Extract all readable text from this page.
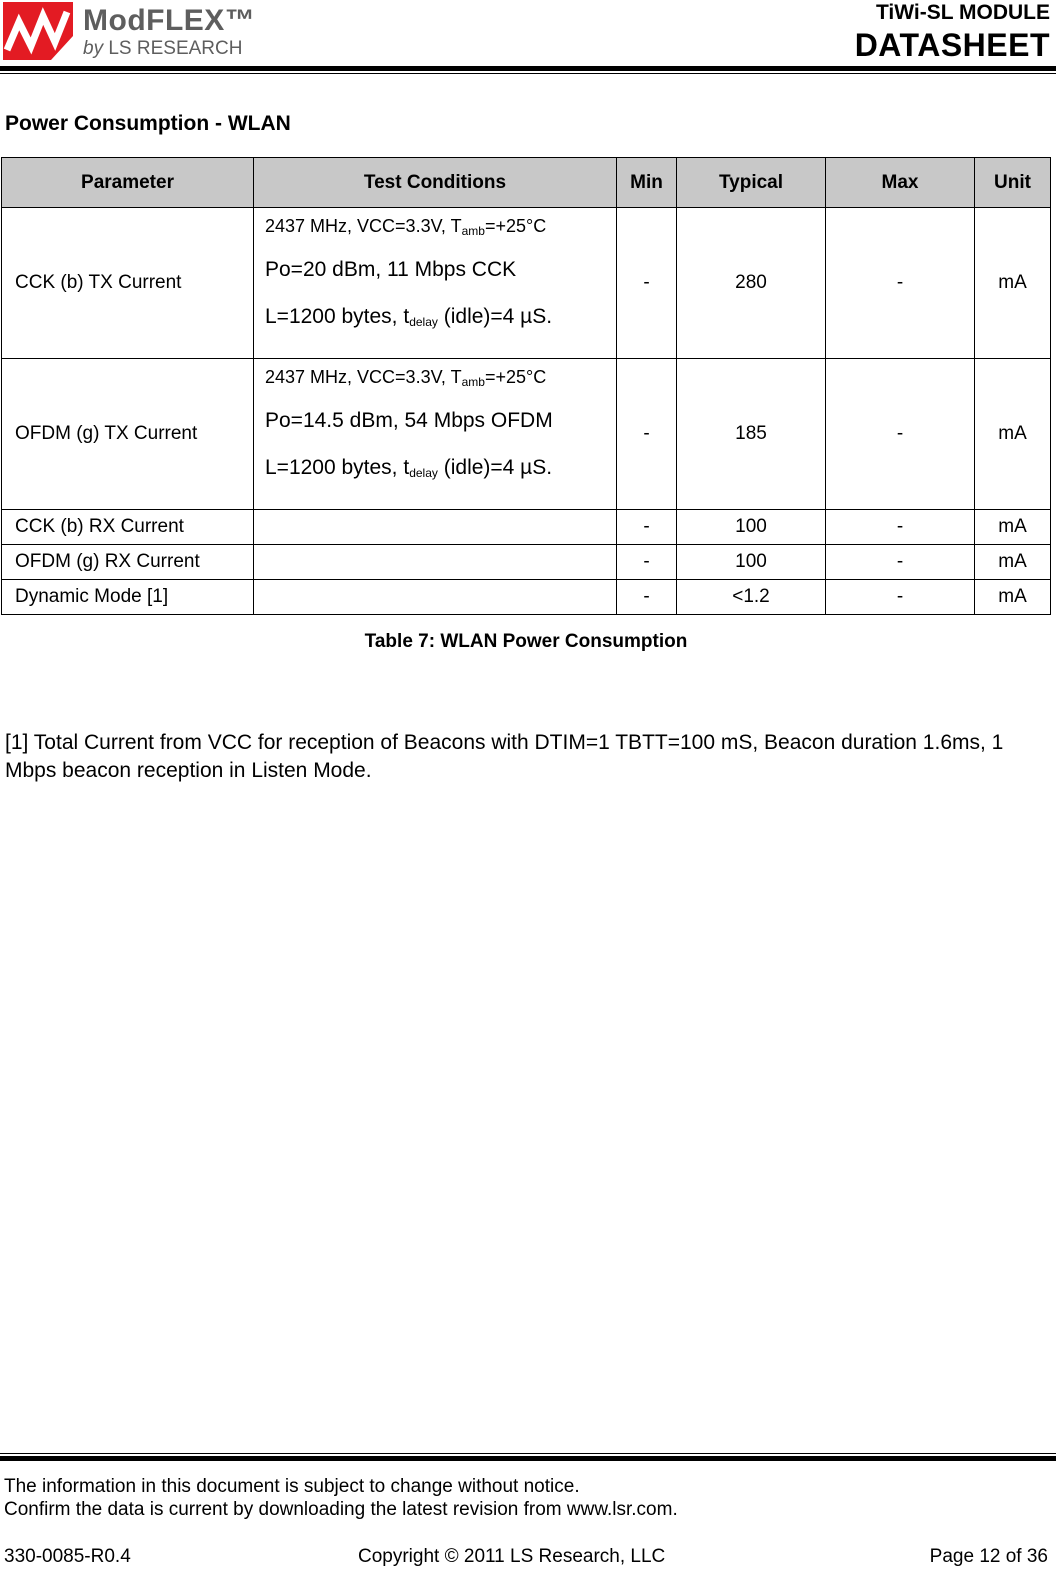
ModFLEX™
by LS RESEARCH
TiWi-SL MODULE
DATASHEET
Power Consumption - WLAN
Parameter	Test Conditions	Min	Typical	Max	Unit
CCK (b) TX Current	2437 MHz, VCC=3.3V, $T_{amb}=+25^\circ C$
Po=20 dBm, 11 Mbps CCK
L=1200 bytes, $t_{delay}$ (idle)=4 µS.	-	280	-	mA
OFDM (g) TX Current	2437 MHz, VCC=3.3V, $T_{amb}=+25^\circ C$
Po=14.5 dBm, 54 Mbps OFDM
L=1200 bytes, $t_{delay}$ (idle)=4 µS.	-	185	-	mA
CCK (b) RX Current		-	100	-	mA
OFDM (g) RX Current		-	100	-	mA
Dynamic Mode [1]		-	<1.2	-	mA
Table 7: WLAN Power Consumption
[1] Total Current from VCC for reception of Beacons with DTIM=1 TBTT=100 mS, Beacon duration 1.6ms, 1 Mbps beacon reception in Listen Mode.
The information in this document is subject to change without notice.
Confirm the data is current by downloading the latest revision from www.lsr.com.
330-0085-R0.4	Copyright © 2011 LS Research, LLC	Page 12 of 36
